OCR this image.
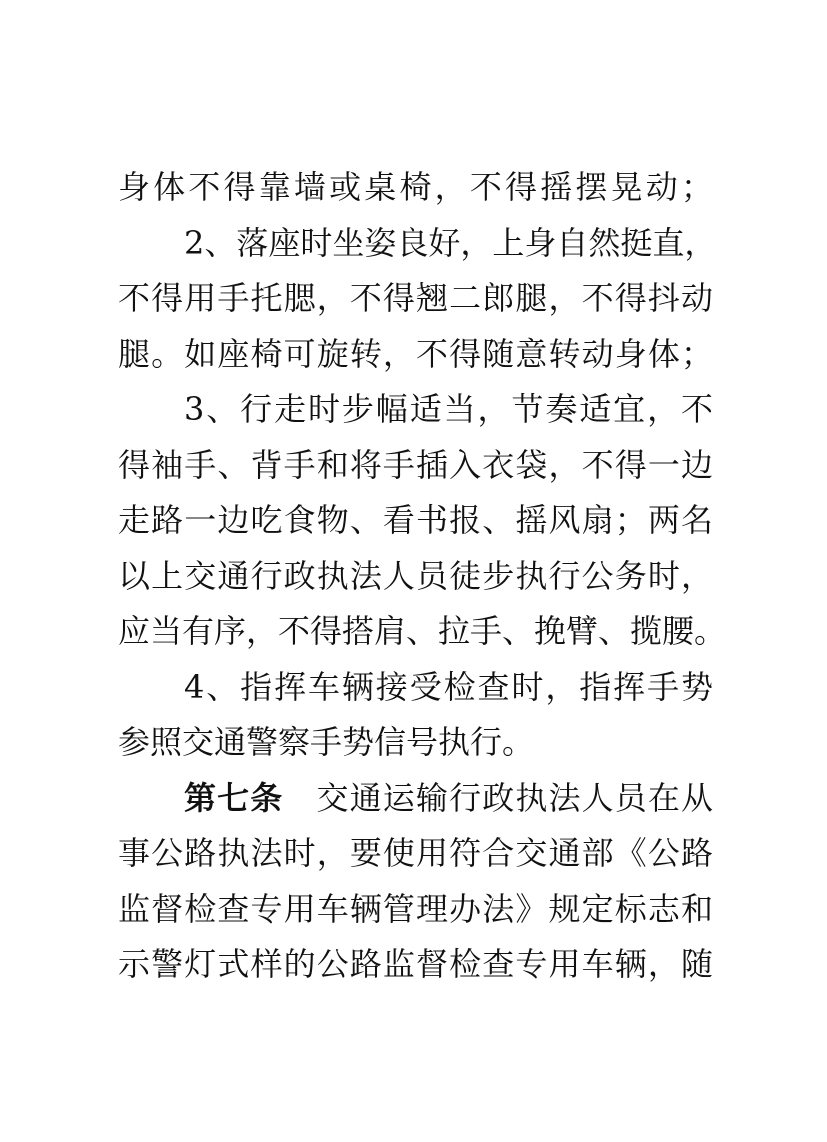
身体不得靠墙或桌椅，不得摇摆晃动；
2、落座时坐姿良好，上身自然挺直，
不得用手托腮，不得翘二郎腿，不得抖动
腿。如座椅可旋转，不得随意转动身体；
3、行走时步幅适当，节奏适宜，不
得袖手、背手和将手插入衣袋，不得一边
走路一边吃食物、看书报、摇风扇；两名
以上交通行政执法人员徒步执行公务时，
应当有序，不得搭肩、拉手、挽臂、揽腰。
4、指挥车辆接受检查时，指挥手势
参照交通警察手势信号执行。
第七条  交通运输行政执法人员在从
事公路执法时，要使用符合交通部《公路
监督检查专用车辆管理办法》规定标志和
示警灯式样的公路监督检查专用车辆，随
